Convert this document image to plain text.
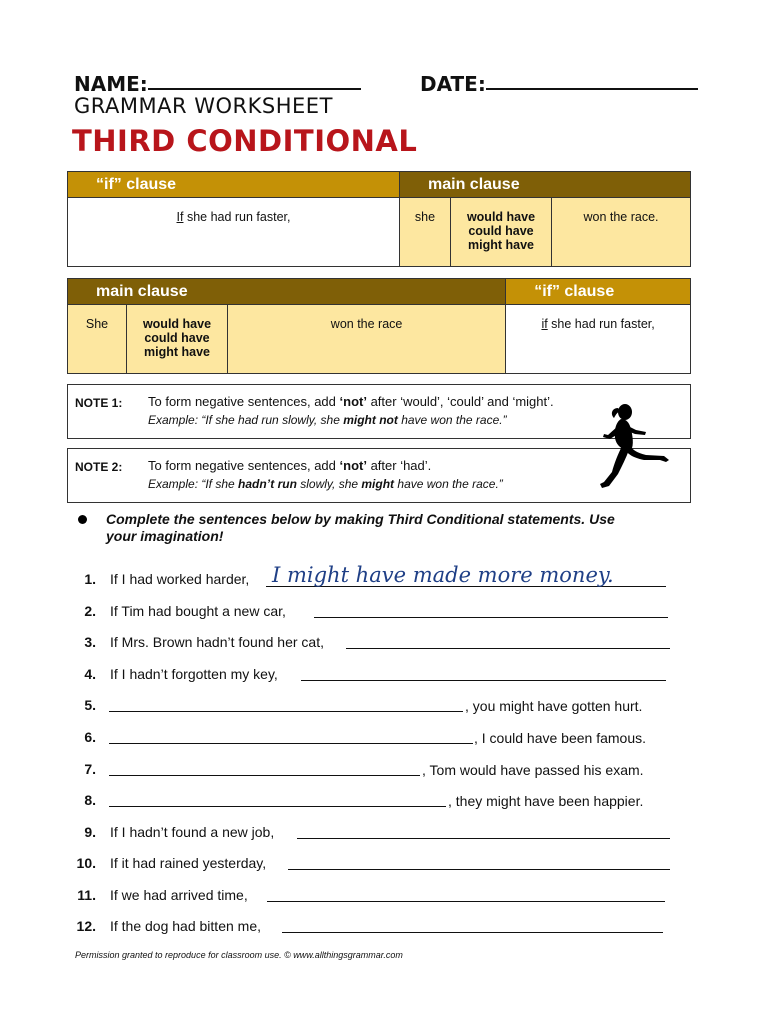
NAME:	DATE:
GRAMMAR WORKSHEET
THIRD CONDITIONAL
“if” clause	main clause		
If she had run faster,	she	would have
could have
might have	won the race.
main clause			“if” clause
She	would have
could have
might have	won the race	if she had run faster,
NOTE 1: To form negative sentences, add ‘not’ after ‘would’, ‘could’ and ‘might’.
Example: “If she had run slowly, she might not have won the race.”
NOTE 2: To form negative sentences, add ‘not’ after ‘had’.
Example: “If she hadn’t run slowly, she might have won the race.”
Complete the sentences below by making Third Conditional statements. Use
your imagination!
1. If I had worked harder, I might have made more money.
2. If Tim had bought a new car,
3. If Mrs. Brown hadn’t found her cat,
4. If I hadn’t forgotten my key,
5.	, you might have gotten hurt.
6.	, I could have been famous.
7.	, Tom would have passed his exam.
8.	, they might have been happier.
9. If I hadn’t found a new job,
10. If it had rained yesterday,
11. If we had arrived time,
12. If the dog had bitten me,
Permission granted to reproduce for classroom use. © www.allthingsgrammar.com
